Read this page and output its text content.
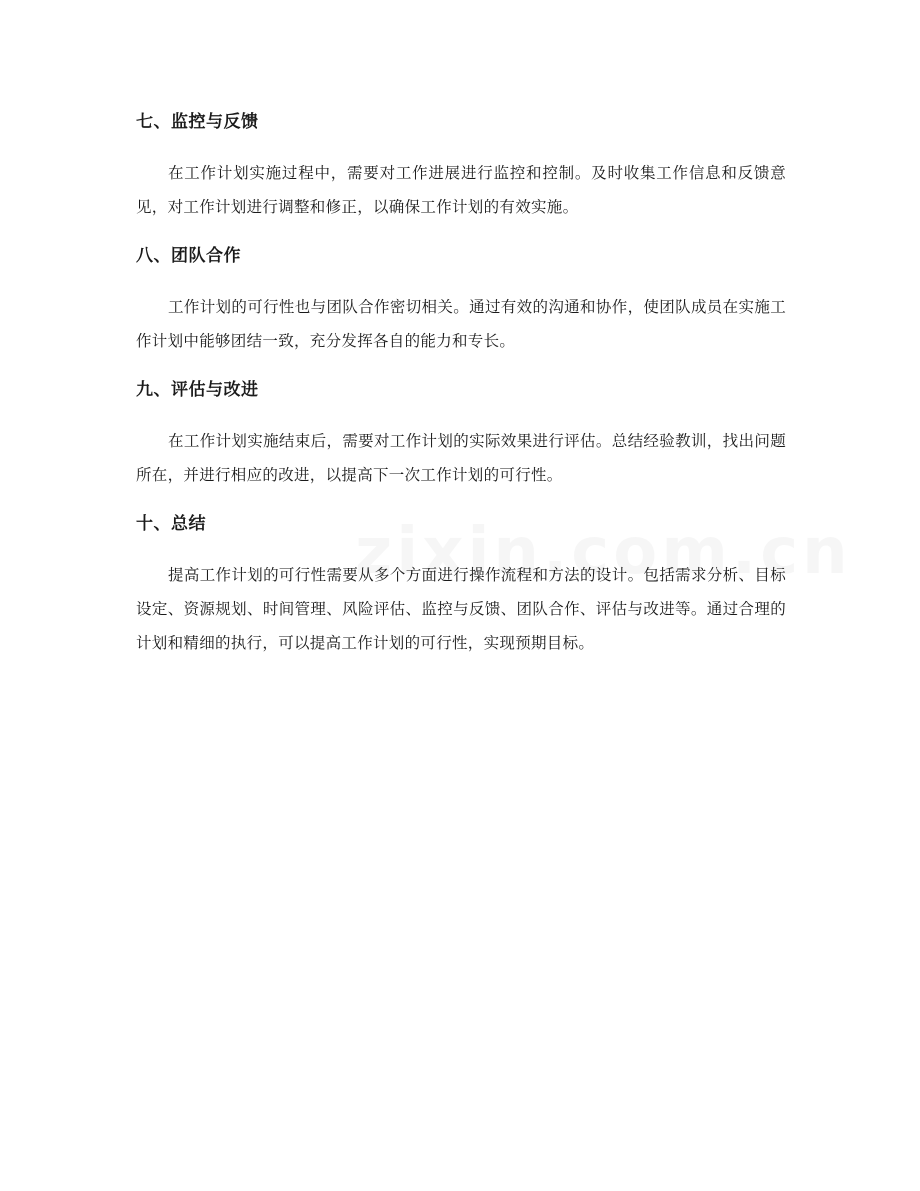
七、监控与反馈

在工作计划实施过程中，需要对工作进展进行监控和控制。及时收集工作信息和反馈意见，对工作计划进行调整和修正，以确保工作计划的有效实施。

八、团队合作

工作计划的可行性也与团队合作密切相关。通过有效的沟通和协作，使团队成员在实施工作计划中能够团结一致，充分发挥各自的能力和专长。

九、评估与改进

在工作计划实施结束后，需要对工作计划的实际效果进行评估。总结经验教训，找出问题所在，并进行相应的改进，以提高下一次工作计划的可行性。

十、总结

提高工作计划的可行性需要从多个方面进行操作流程和方法的设计。包括需求分析、目标设定、资源规划、时间管理、风险评估、监控与反馈、团队合作、评估与改进等。通过合理的计划和精细的执行，可以提高工作计划的可行性，实现预期目标。
